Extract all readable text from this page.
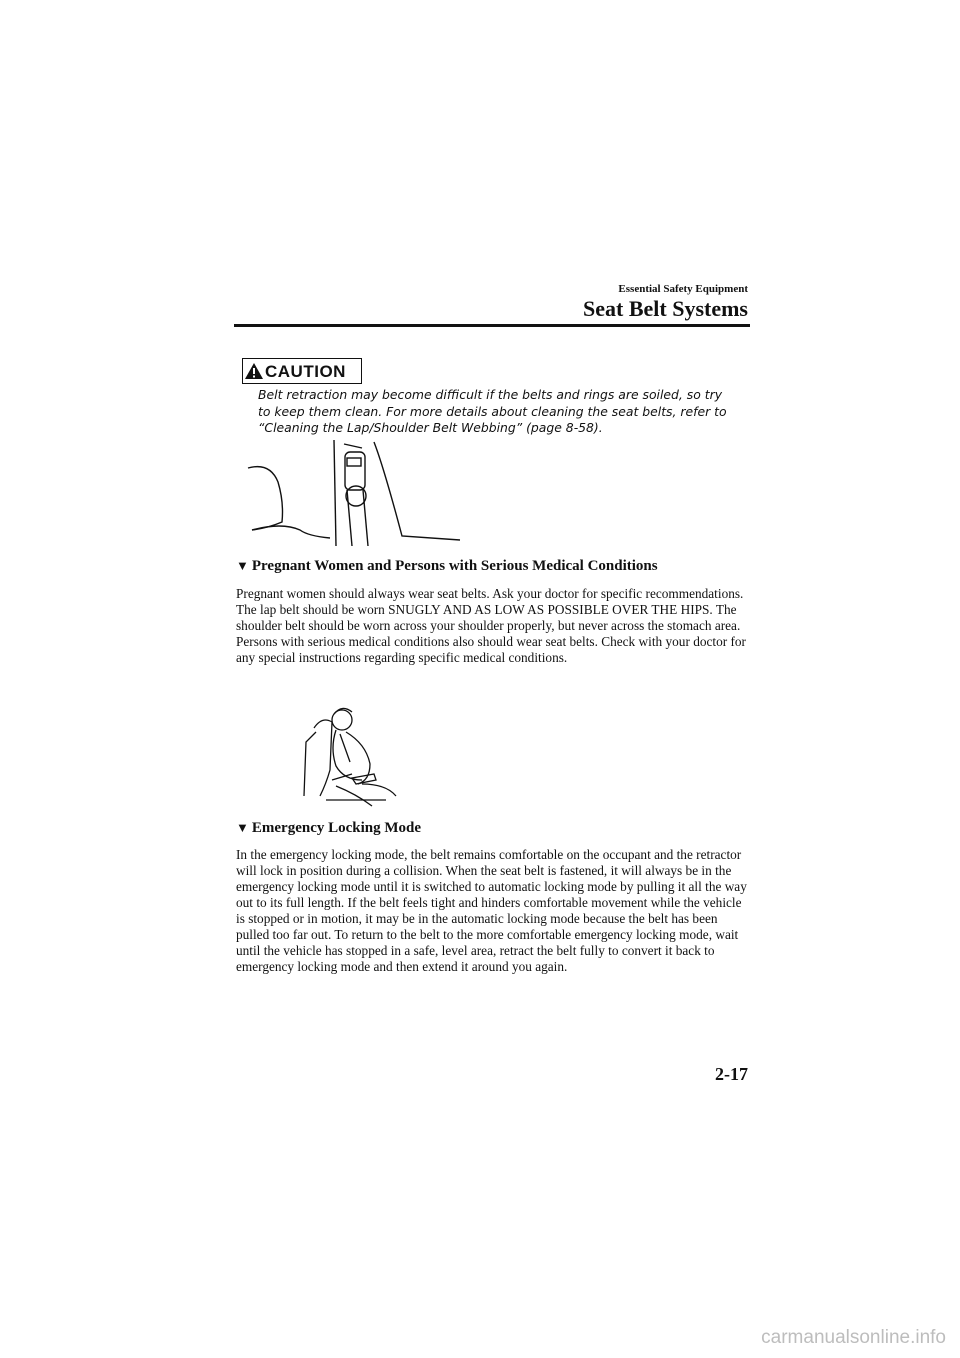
Essential Safety Equipment
Seat Belt Systems
CAUTION
Belt retraction may become difficult if the belts and rings are soiled, so try to keep them clean. For more details about cleaning the seat belts, refer to “Cleaning the Lap/Shoulder Belt Webbing” (page 8-58).
▼ Pregnant Women and Persons with Serious Medical Conditions

Pregnant women should always wear seat belts. Ask your doctor for specific recommendations.

The lap belt should be worn SNUGLY AND AS LOW AS POSSIBLE OVER THE HIPS. The shoulder belt should be worn across your shoulder properly, but never across the stomach area.

Persons with serious medical conditions also should wear seat belts. Check with your doctor for any special instructions regarding specific medical conditions.

▼ Emergency Locking Mode

In the emergency locking mode, the belt remains comfortable on the occupant and the retractor will lock in position during a collision. When the seat belt is fastened, it will always be in the emergency locking mode until it is switched to automatic locking mode by pulling it all the way out to its full length. If the belt feels tight and hinders comfortable movement while the vehicle is stopped or in motion, it may be in the automatic locking mode because the belt has been pulled too far out. To return to the belt to the more comfortable emergency locking mode, wait until the vehicle has stopped in a safe, level area, retract the belt fully to convert it back to emergency locking mode and then extend it around you again.

2-17
carmanualsonline.info
